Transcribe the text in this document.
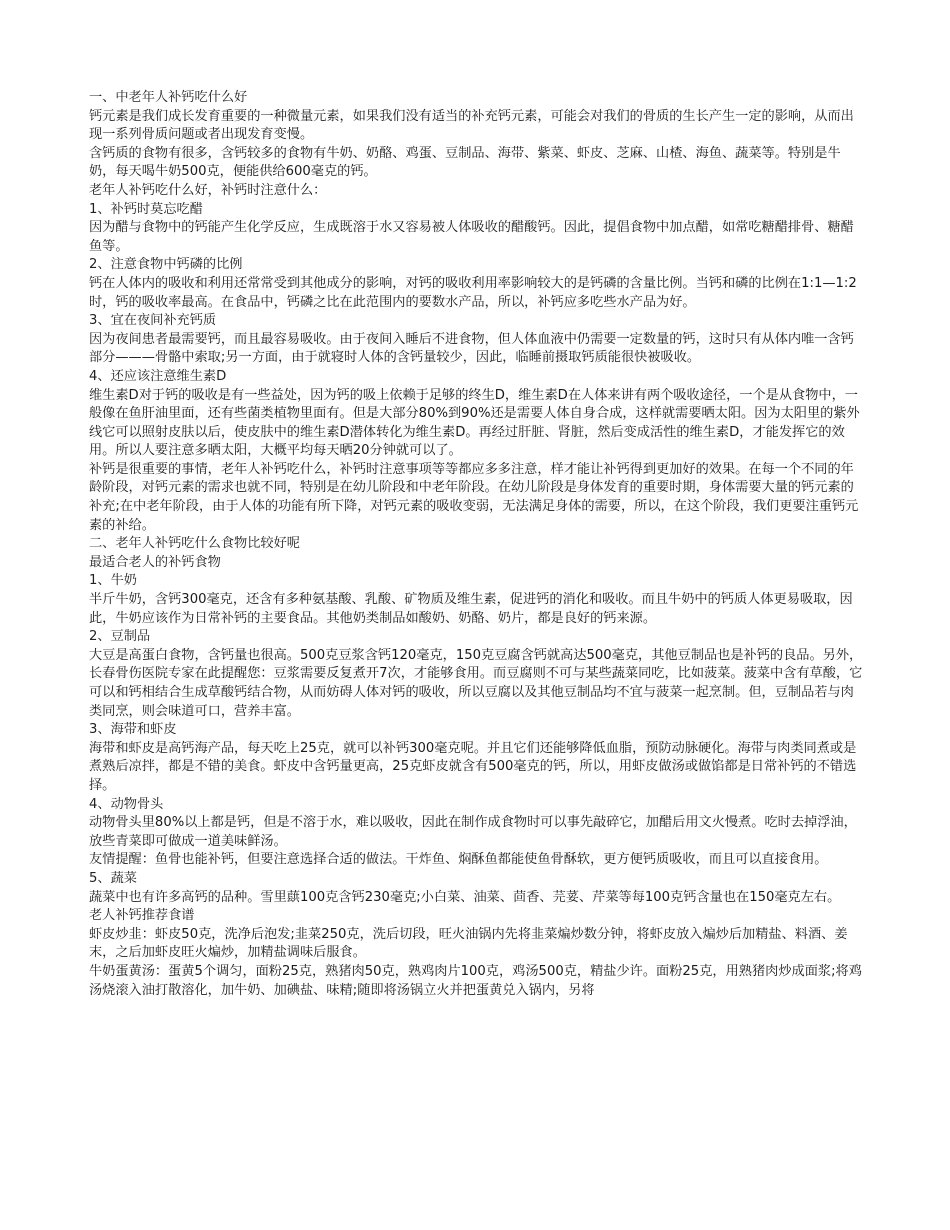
一、中老年人补钙吃什么好

钙元素是我们成长发育重要的一种微量元素，如果我们没有适当的补充钙元素，可能会对我们的骨质的生长产生一定的影响，从而出现一系列骨质问题或者出现发育变慢。

含钙质的食物有很多，含钙较多的食物有牛奶、奶酪、鸡蛋、豆制品、海带、紫菜、虾皮、芝麻、山楂、海鱼、蔬菜等。特别是牛奶，每天喝牛奶500克，便能供给600毫克的钙。

老年人补钙吃什么好，补钙时注意什么：

1、补钙时莫忘吃醋

因为醋与食物中的钙能产生化学反应，生成既溶于水又容易被人体吸收的醋酸钙。因此，提倡食物中加点醋，如常吃糖醋排骨、糖醋鱼等。

2、注意食物中钙磷的比例

钙在人体内的吸收和利用还常常受到其他成分的影响，对钙的吸收利用率影响较大的是钙磷的含量比例。当钙和磷的比例在1:1—1:2时，钙的吸收率最高。在食品中，钙磷之比在此范围内的要数水产品，所以，补钙应多吃些水产品为好。

3、宜在夜间补充钙质

因为夜间患者最需要钙，而且最容易吸收。由于夜间入睡后不进食物，但人体血液中仍需要一定数量的钙，这时只有从体内唯一含钙部分———骨骼中索取;另一方面，由于就寝时人体的含钙量较少，因此，临睡前摄取钙质能很快被吸收。

4、还应该注意维生素D

维生素D对于钙的吸收是有一些益处，因为钙的吸上依赖于足够的终生D，维生素D在人体来讲有两个吸收途径，一个是从食物中，一般像在鱼肝油里面，还有些菌类植物里面有。但是大部分80%到90%还是需要人体自身合成，这样就需要晒太阳。因为太阳里的紫外线它可以照射皮肤以后，使皮肤中的维生素D潜体转化为维生素D。再经过肝脏、肾脏，然后变成活性的维生素D，才能发挥它的效用。所以人要注意多晒太阳，大概平均每天晒20分钟就可以了。

补钙是很重要的事情，老年人补钙吃什么，补钙时注意事项等等都应多多注意，样才能让补钙得到更加好的效果。在每一个不同的年龄阶段，对钙元素的需求也就不同，特别是在幼儿阶段和中老年阶段。在幼儿阶段是身体发育的重要时期，身体需要大量的钙元素的补充;在中老年阶段，由于人体的功能有所下降，对钙元素的吸收变弱，无法满足身体的需要，所以，在这个阶段，我们更要注重钙元素的补给。

二、老年人补钙吃什么食物比较好呢

最适合老人的补钙食物

1、牛奶

半斤牛奶，含钙300毫克，还含有多种氨基酸、乳酸、矿物质及维生素，促进钙的消化和吸收。而且牛奶中的钙质人体更易吸取，因此，牛奶应该作为日常补钙的主要食品。其他奶类制品如酸奶、奶酪、奶片，都是良好的钙来源。

2、豆制品

大豆是高蛋白食物，含钙量也很高。500克豆浆含钙120毫克，150克豆腐含钙就高达500毫克，其他豆制品也是补钙的良品。另外，长春骨伤医院专家在此提醒您：豆浆需要反复煮开7次，才能够食用。而豆腐则不可与某些蔬菜同吃，比如菠菜。菠菜中含有草酸，它可以和钙相结合生成草酸钙结合物，从而妨碍人体对钙的吸收，所以豆腐以及其他豆制品均不宜与菠菜一起烹制。但，豆制品若与肉类同烹，则会味道可口，营养丰富。

3、海带和虾皮

海带和虾皮是高钙海产品，每天吃上25克，就可以补钙300毫克呢。并且它们还能够降低血脂，预防动脉硬化。海带与肉类同煮或是煮熟后凉拌，都是不错的美食。虾皮中含钙量更高，25克虾皮就含有500毫克的钙，所以，用虾皮做汤或做馅都是日常补钙的不错选择。

4、动物骨头

动物骨头里80%以上都是钙，但是不溶于水，难以吸收，因此在制作成食物时可以事先敲碎它，加醋后用文火慢煮。吃时去掉浮油，放些青菜即可做成一道美味鲜汤。

友情提醒：鱼骨也能补钙，但要注意选择合适的做法。干炸鱼、焖酥鱼都能使鱼骨酥软，更方便钙质吸收，而且可以直接食用。

5、蔬菜

蔬菜中也有许多高钙的品种。雪里蕻100克含钙230毫克;小白菜、油菜、茴香、芫荽、芹菜等每100克钙含量也在150毫克左右。

老人补钙推荐食谱

虾皮炒韭：虾皮50克，洗净后泡发;韭菜250克，洗后切段，旺火油锅内先将韭菜煸炒数分钟，将虾皮放入煸炒后加精盐、料酒、姜末，之后加虾皮旺火煸炒，加精盐调味后服食。

牛奶蛋黄汤：蛋黄5个调匀，面粉25克，熟猪肉50克，熟鸡肉片100克，鸡汤500克，精盐少许。面粉25克，用熟猪肉炒成面浆;将鸡汤烧滚入油打散溶化，加牛奶、加碘盐、味精;随即将汤锅立火并把蛋黄兑入锅内，另将
